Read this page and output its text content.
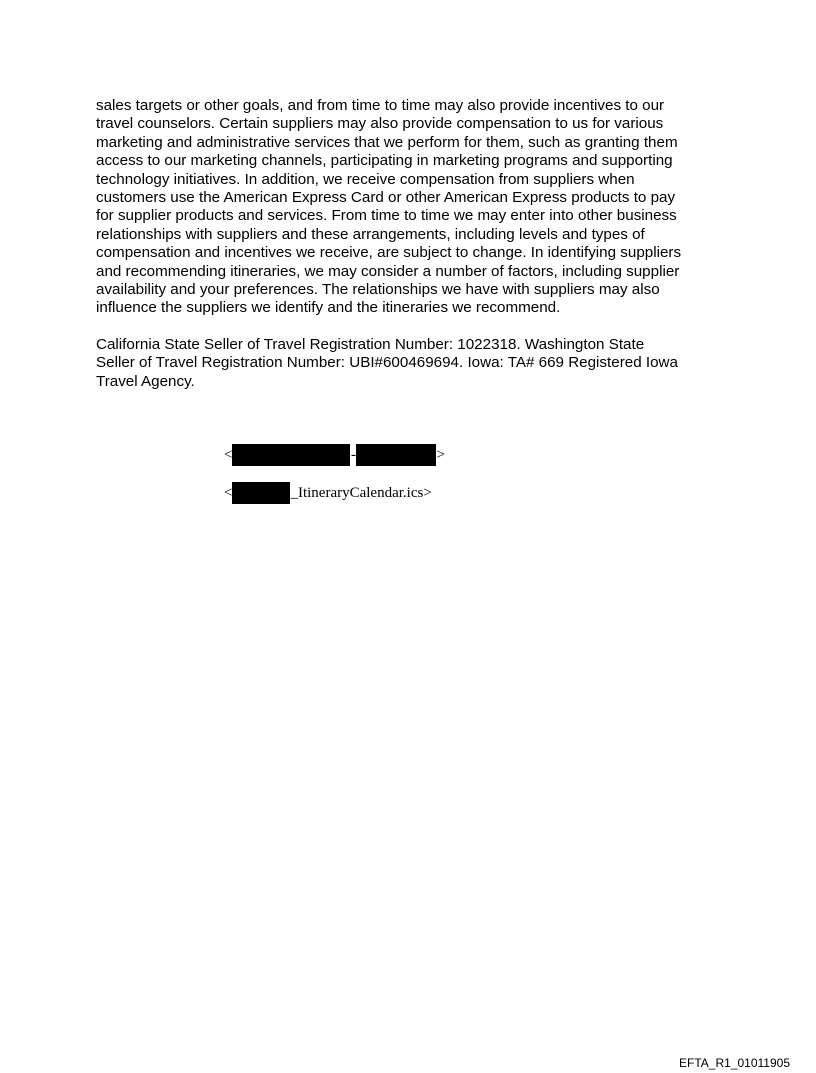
sales targets or other goals, and from time to time may also provide incentives to our
travel counselors. Certain suppliers may also provide compensation to us for various
marketing and administrative services that we perform for them, such as granting them
access to our marketing channels, participating in marketing programs and supporting
technology initiatives. In addition, we receive compensation from suppliers when
customers use the American Express Card or other American Express products to pay
for supplier products and services. From time to time we may enter into other business
relationships with suppliers and these arrangements, including levels and types of
compensation and incentives we receive, are subject to change. In identifying suppliers
and recommending itineraries, we may consider a number of factors, including supplier
availability and your preferences. The relationships we have with suppliers may also
influence the suppliers we identify and the itineraries we recommend.

California State Seller of Travel Registration Number: 1022318. Washington State
Seller of Travel Registration Number: UBI#600469694. Iowa: TA# 669 Registered Iowa
Travel Agency.

<	-	>
<	_ItineraryCalendar.ics>
EFTA_R1_01011905
